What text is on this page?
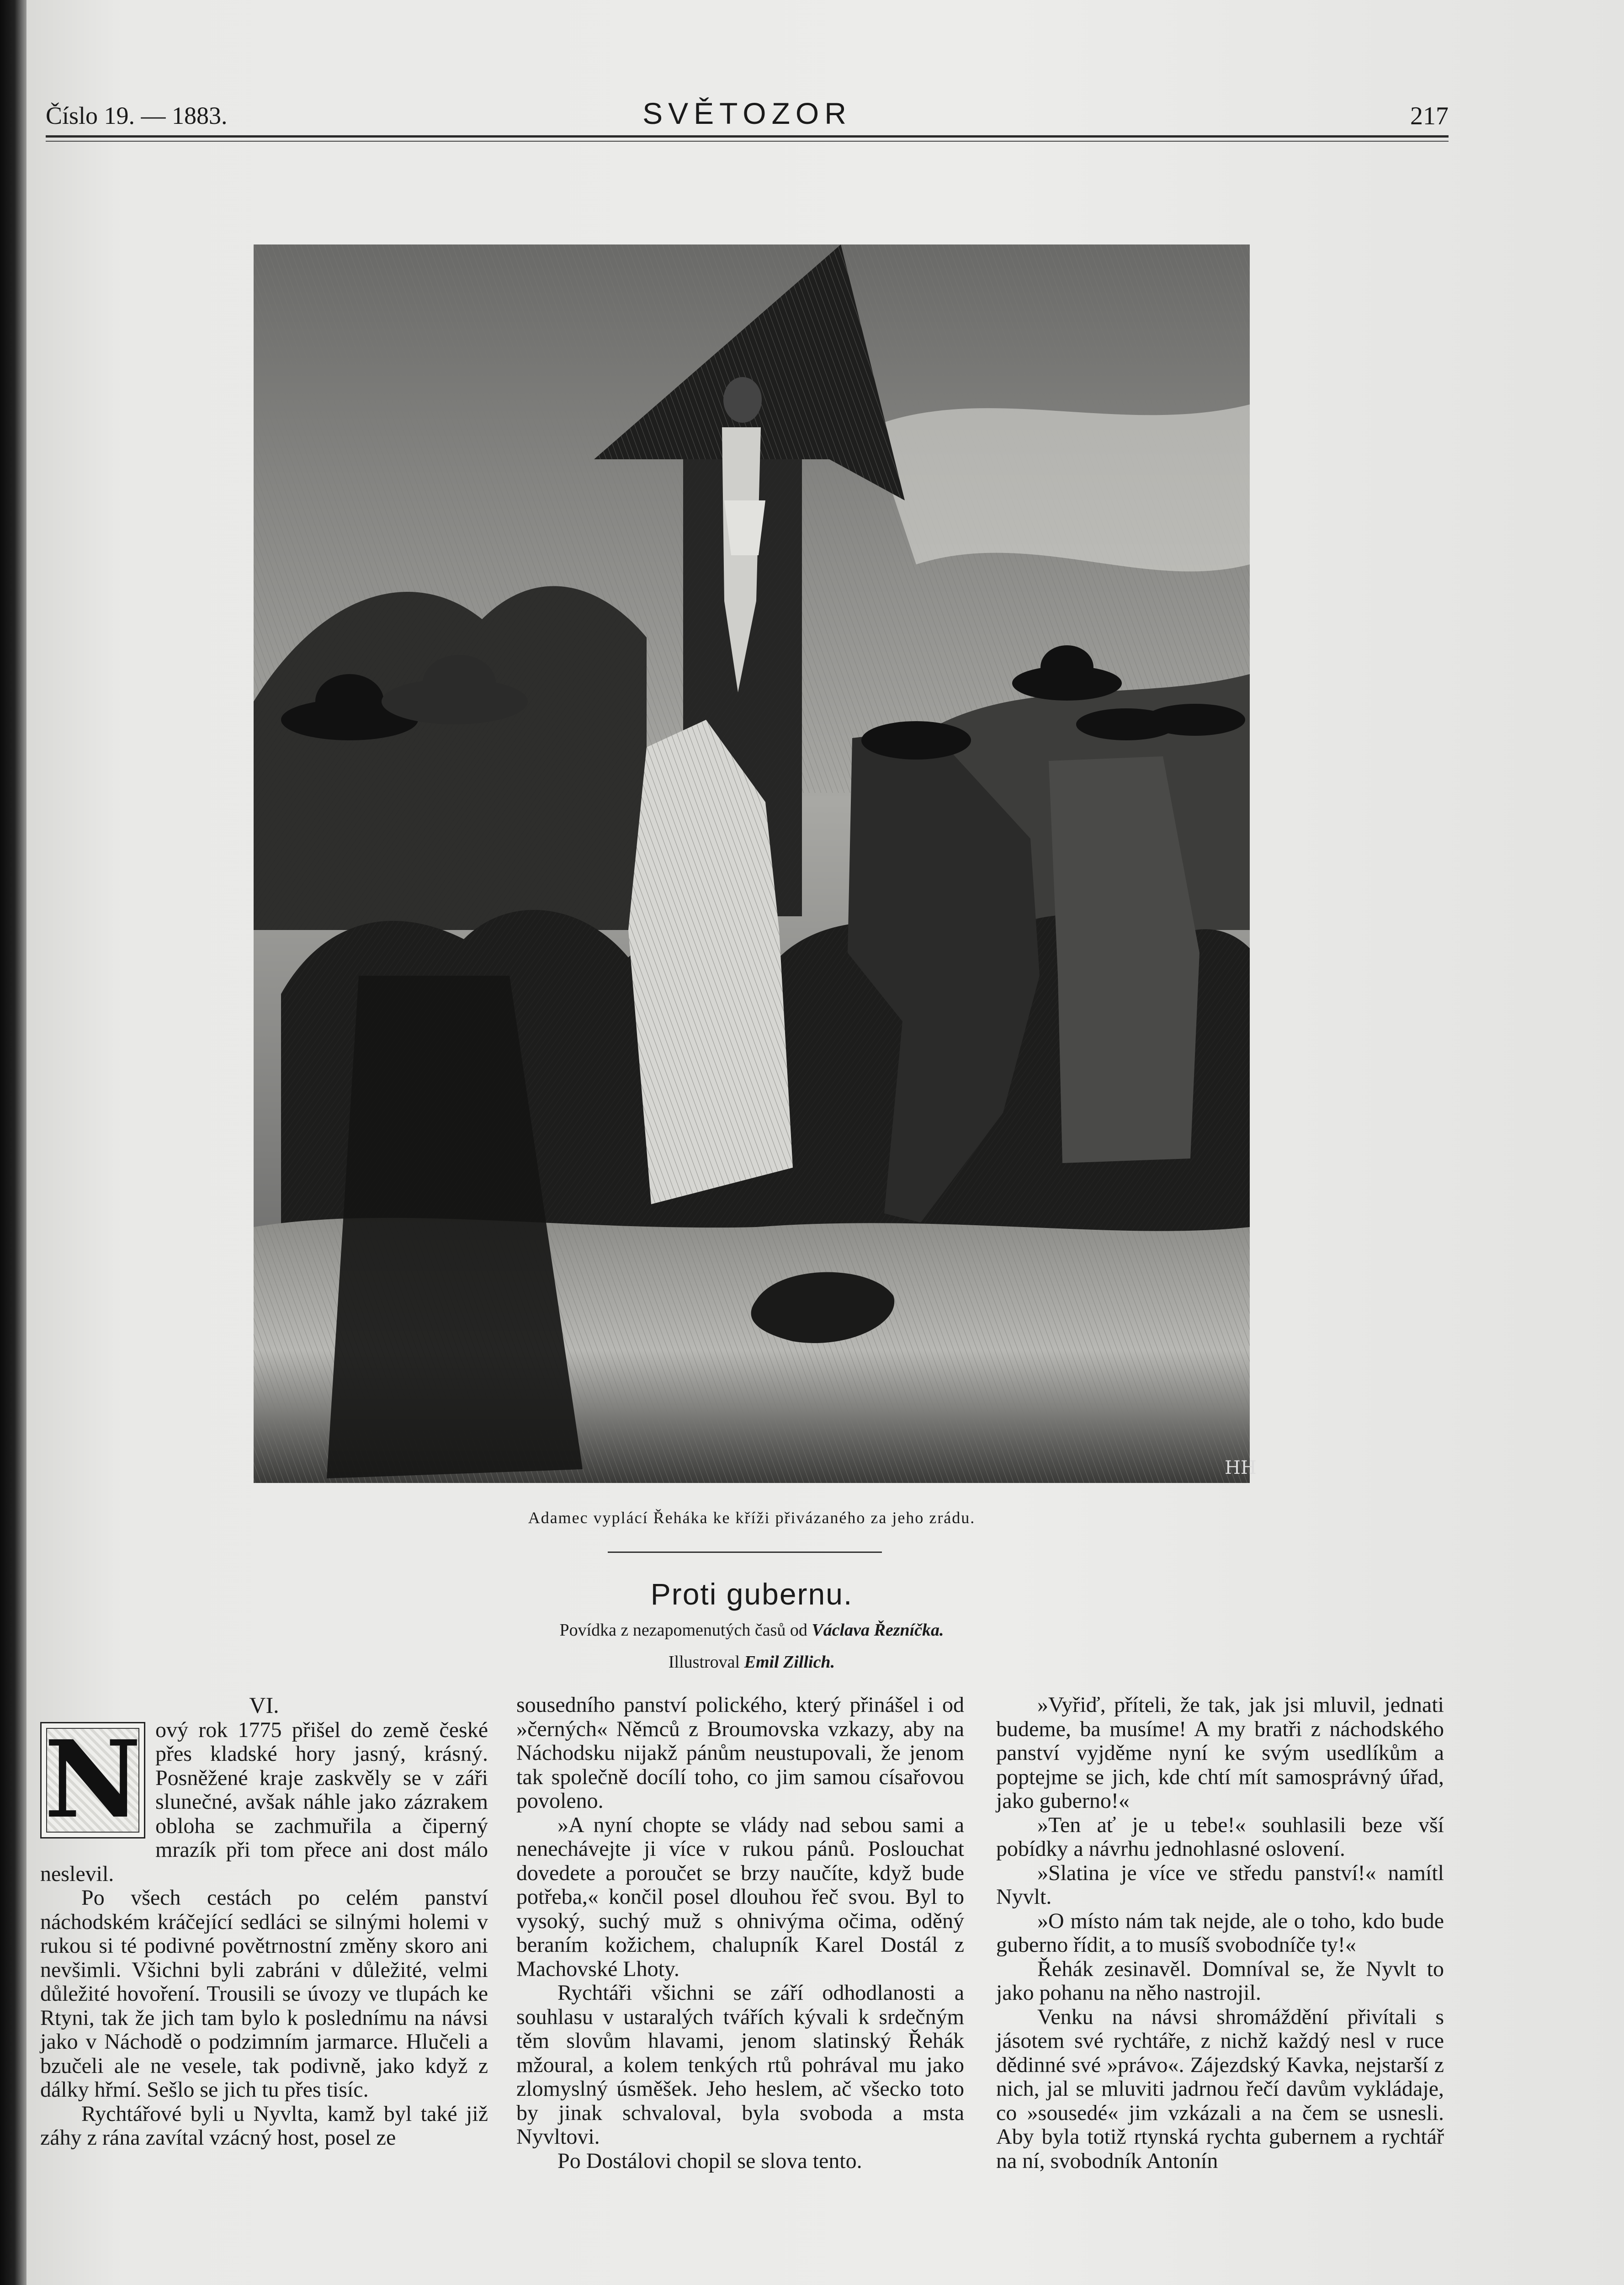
Číslo 19. — 1883.	SVĚTOZOR	217
HH
Adamec vyplácí Řeháka ke kříži přivázaného za jeho zrádu.
Proti gubernu.
Povídka z nezapomenutých časů od Václava Řezníčka.
Illustroval Emil Zillich.
VI.
N ový rok 1775 přišel do země české přes kladské hory jasný, krásný. Posněžené kraje zaskvěly se v záři slunečné, avšak náhle jako zázrakem obloha se zachmuřila a čiperný mrazík při tom přece ani dost málo neslevil.

Po všech cestách po celém panství náchodském kráčející sedláci se silnými holemi v rukou si té podivné povětrnostní změny skoro ani nevšimli. Všichni byli zabráni v důležité, velmi důležité hovoření. Trousili se úvozy ve tlupách ke Rtyni, tak že jich tam bylo k poslednímu na návsi jako v Náchodě o podzimním jarmarce. Hlučeli a bzučeli ale ne vesele, tak podivně, jako když z dálky hřmí. Sešlo se jich tu přes tisíc.

Rychtářové byli u Nyvlta, kamž byl také již záhy z rána zavítal vzácný host, posel ze

sousedního panství polického, který přinášel i od »černých« Němců z Broumovska vzkazy, aby na Náchodsku nijakž pánům neustupovali, že jenom tak společně docílí toho, co jim samou císařovou povoleno.

»A nyní chopte se vlády nad sebou sami a nenechávejte ji více v rukou pánů. Poslouchat dovedete a poroučet se brzy naučíte, když bude potřeba,« končil posel dlouhou řeč svou. Byl to vysoký, suchý muž s ohnivýma očima, oděný beraním kožichem, chalupník Karel Dostál z Machovské Lhoty.

Rychtáři všichni se září odhodlanosti a souhlasu v ustaralých tvářích kývali k srdečným těm slovům hlavami, jenom slatinský Řehák mžoural, a kolem tenkých rtů pohrával mu jako zlomyslný úsměšek. Jeho heslem, ač všecko toto by jinak schvaloval, byla svoboda a msta Nyvltovi.

Po Dostálovi chopil se slova tento.

»Vyřiď, příteli, že tak, jak jsi mluvil, jednati budeme, ba musíme! A my bratři z náchodského panství vyjděme nyní ke svým usedlíkům a poptejme se jich, kde chtí mít samosprávný úřad, jako guberno!«

»Ten ať je u tebe!« souhlasili beze vší pobídky a návrhu jednohlasné oslovení.

»Slatina je více ve středu panství!« namítl Nyvlt.

»O místo nám tak nejde, ale o toho, kdo bude guberno řídit, a to musíš svobodníče ty!«

Řehák zesinavěl. Domníval se, že Nyvlt to jako pohanu na něho nastrojil.

Venku na návsi shromáždění přivítali s jásotem své rychtáře, z nichž každý nesl v ruce dědinné své »právo«. Zájezdský Kavka, nejstarší z nich, jal se mluviti jadrnou řečí davům vykládaje, co »sousedé« jim vzkázali a na čem se usnesli. Aby byla totiž rtynská rychta gubernem a rychtář na ní, svobodník Antonín
